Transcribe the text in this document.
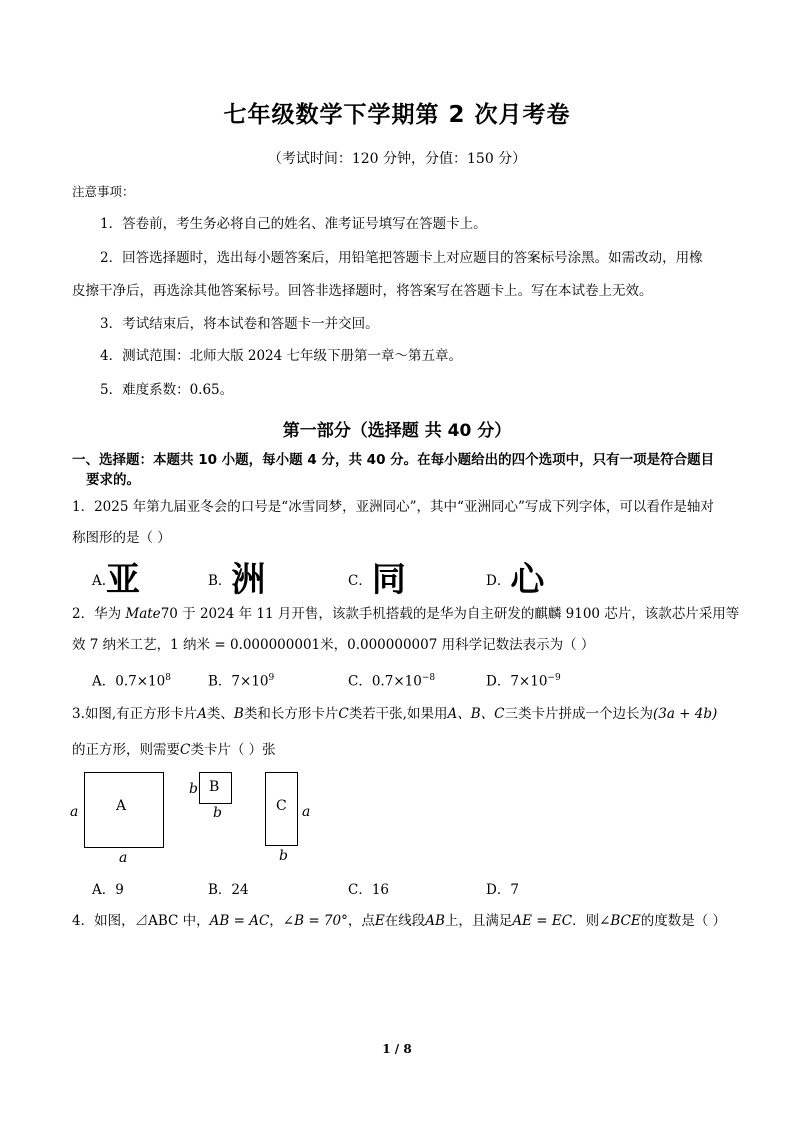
七年级数学下学期第 2 次月考卷
（考试时间：120 分钟，分值：150 分）
注意事项：
1．答卷前，考生务必将自己的姓名、准考证号填写在答题卡上。
2．回答选择题时，选出每小题答案后，用铅笔把答题卡上对应题目的答案标号涂黑。如需改动，用橡
皮擦干净后，再选涂其他答案标号。回答非选择题时，将答案写在答题卡上。写在本试卷上无效。
3．考试结束后，将本试卷和答题卡一并交回。
4．测试范围：北师大版 2024 七年级下册第一章～第五章。
5．难度系数：0.65。
第一部分（选择题 共 40 分）
一、选择题：本题共 10 小题，每小题 4 分，共 40 分。在每小题给出的四个选项中，只有一项是符合题目
要求的。
1．2025 年第九届亚冬会的口号是“冰雪同梦，亚洲同心”，其中“亚洲同心”写成下列字体，可以看作是轴对
称图形的是（ ）
A.亚	B．洲	C．同	D．心
2．华为 Mate70 于 2024 年 11 月开售，该款手机搭载的是华为自主研发的麒麟 9100 芯片，该款芯片采用等
效 7 纳米工艺，1 纳米 = 0.000000001米，0.000000007 用科学记数法表示为（ ）
A．$0.7\times 10^8$	B．$7\times 10^9$	C．$0.7\times 10^{-8}$	D．$7\times 10^{-9}$
3.如图,有正方形卡片A类、B类和长方形卡片C类若干张,如果用A、B、C三类卡片拼成一个边长为(3a + 4b)
的正方形，则需要C类卡片（ ）张
A
a
a
B
b
b	C a
b
A．9	B．24	C．16	D．7
4．如图，⊿ABC 中，AB = AC，∠B = 70°，点E在线段AB上，且满足AE = EC．则∠BCE的度数是（ ）
1 / 8
